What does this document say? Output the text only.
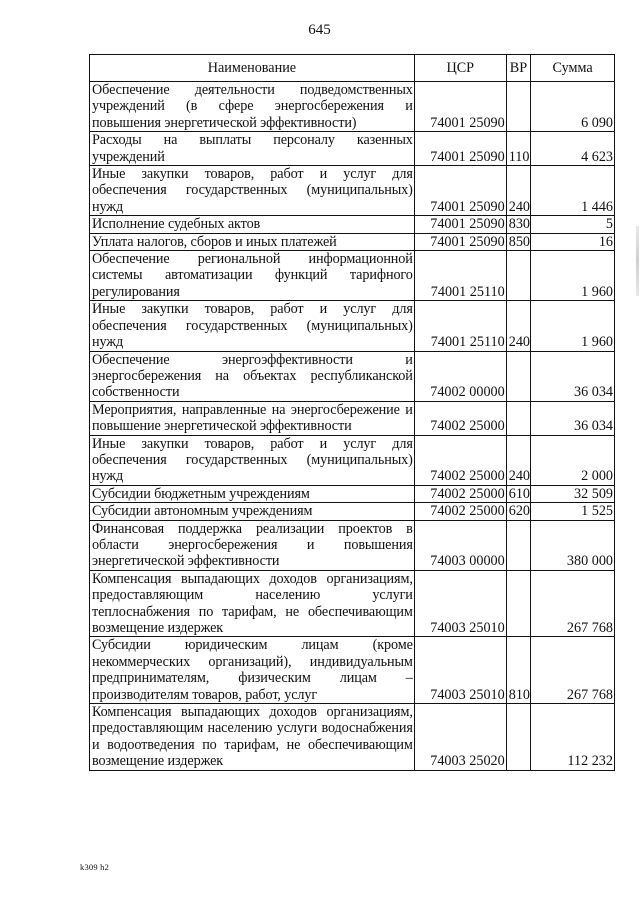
645
Наименование	ЦСР	ВР	Сумма
Обеспечение деятельности подведомственных учреждений (в сфере энергосбережения и повышения энергетической эффективности)	74001 25090		6 090
Расходы на выплаты персоналу казенных учреждений	74001 25090	110	4 623
Иные закупки товаров, работ и услуг для обеспечения государственных (муниципальных) нужд	74001 25090	240	1 446
Исполнение судебных актов	74001 25090	830	5
Уплата налогов, сборов и иных платежей	74001 25090	850	16
Обеспечение региональной информационной системы автоматизации функций тарифного регулирования	74001 25110		1 960
Иные закупки товаров, работ и услуг для обеспечения государственных (муниципальных) нужд	74001 25110	240	1 960
Обеспечение энергоэффективности и энергосбережения на объектах республиканской собственности	74002 00000		36 034
Мероприятия, направленные на энергосбережение и повышение энергетической эффективности	74002 25000		36 034
Иные закупки товаров, работ и услуг для обеспечения государственных (муниципальных) нужд	74002 25000	240	2 000
Субсидии бюджетным учреждениям	74002 25000	610	32 509
Субсидии автономным учреждениям	74002 25000	620	1 525
Финансовая поддержка реализации проектов в области энергосбережения и повышения энергетической эффективности	74003 00000		380 000
Компенсация выпадающих доходов организациям, предоставляющим населению услуги теплоснабжения по тарифам, не обеспечивающим возмещение издержек	74003 25010		267 768
Субсидии юридическим лицам (кроме некоммерческих организаций), индивидуальным предпринимателям, физическим лицам – производителям товаров, работ, услуг	74003 25010	810	267 768
Компенсация выпадающих доходов организациям, предоставляющим населению услуги водоснабжения и водоотведения по тарифам, не обеспечивающим возмещение издержек	74003 25020		112 232
k309 h2
